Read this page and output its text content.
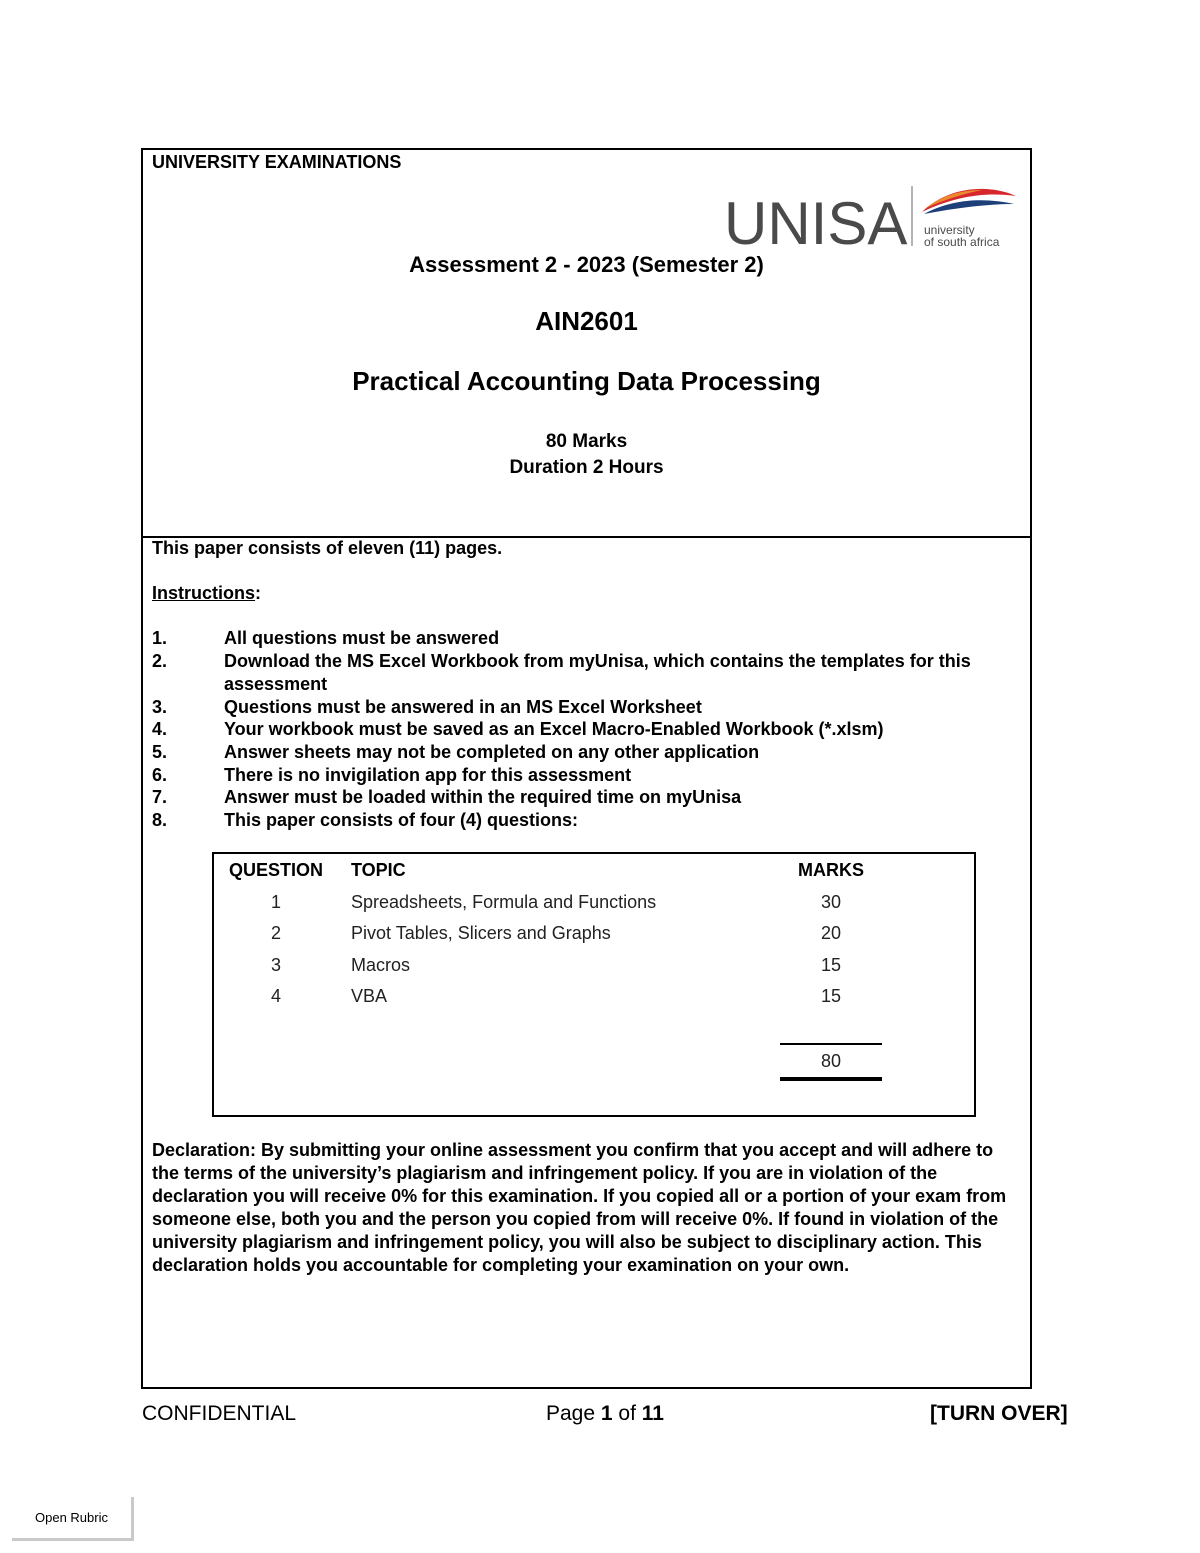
UNIVERSITY EXAMINATIONS
UNISA university
of south africa
Assessment 2 - 2023 (Semester 2)
AIN2601
Practical Accounting Data Processing
80 Marks
Duration 2 Hours
This paper consists of eleven (11) pages.
Instructions:
1.	All questions must be answered
2.	Download the MS Excel Workbook from myUnisa, which contains the templates for this assessment
3.	Questions must be answered in an MS Excel Worksheet
4.	Your workbook must be saved as an Excel Macro-Enabled Workbook (*.xlsm)
5.	Answer sheets may not be completed on any other application
6.	There is no invigilation app for this assessment
7.	Answer must be loaded within the required time on myUnisa
8.	This paper consists of four (4) questions:
QUESTION	TOPIC	MARKS
1	Spreadsheets, Formula and Functions	30
2	Pivot Tables, Slicers and Graphs	20
3	Macros	15
4	VBA	15
80
Declaration: By submitting your online assessment you confirm that you accept and will adhere to the terms of the university’s plagiarism and infringement policy. If you are in violation of the declaration you will receive 0% for this examination. If you copied all or a portion of your exam from someone else, both you and the person you copied from will receive 0%. If found in violation of the university plagiarism and infringement policy, you will also be subject to disciplinary action. This declaration holds you accountable for completing your examination on your own.
CONFIDENTIAL	Page 1 of 11	[TURN OVER]
Open Rubric
